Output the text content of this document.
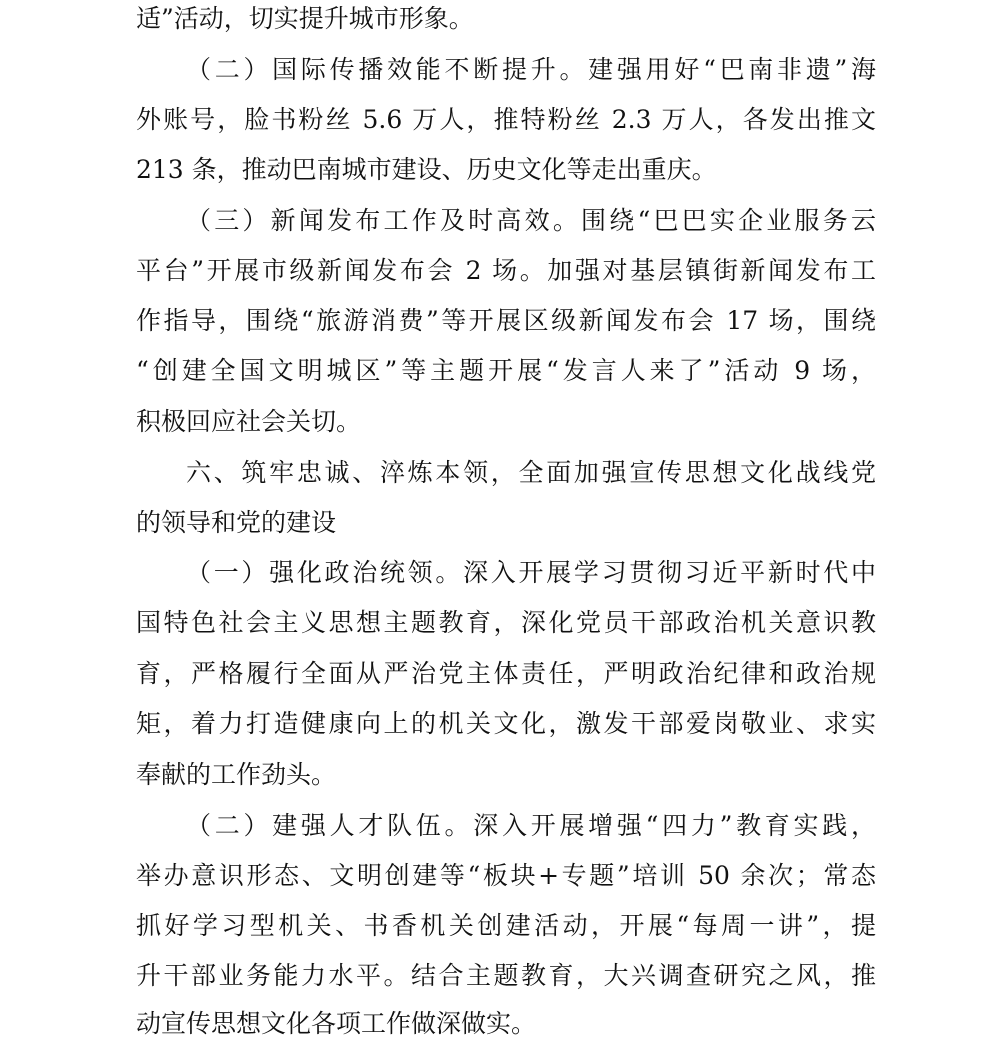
适”活动，切实提升城市形象。
（二）国际传播效能不断提升。建强用好“巴南非遗”海
外账号，脸书粉丝 5.6 万人，推特粉丝 2.3 万人，各发出推文
213 条，推动巴南城市建设、历史文化等走出重庆。
（三）新闻发布工作及时高效。围绕“巴巴实企业服务云
平台”开展市级新闻发布会 2 场。加强对基层镇街新闻发布工
作指导，围绕“旅游消费”等开展区级新闻发布会 17 场，围绕
“创建全国文明城区”等主题开展“发言人来了”活动 9 场，
积极回应社会关切。
六、筑牢忠诚、淬炼本领，全面加强宣传思想文化战线党
的领导和党的建设
（一）强化政治统领。深入开展学习贯彻习近平新时代中
国特色社会主义思想主题教育，深化党员干部政治机关意识教
育，严格履行全面从严治党主体责任，严明政治纪律和政治规
矩，着力打造健康向上的机关文化，激发干部爱岗敬业、求实
奉献的工作劲头。
（二）建强人才队伍。深入开展增强“四力”教育实践，
举办意识形态、文明创建等“板块+专题”培训 50 余次；常态
抓好学习型机关、书香机关创建活动，开展“每周一讲”，提
升干部业务能力水平。结合主题教育，大兴调查研究之风，推
动宣传思想文化各项工作做深做实。
